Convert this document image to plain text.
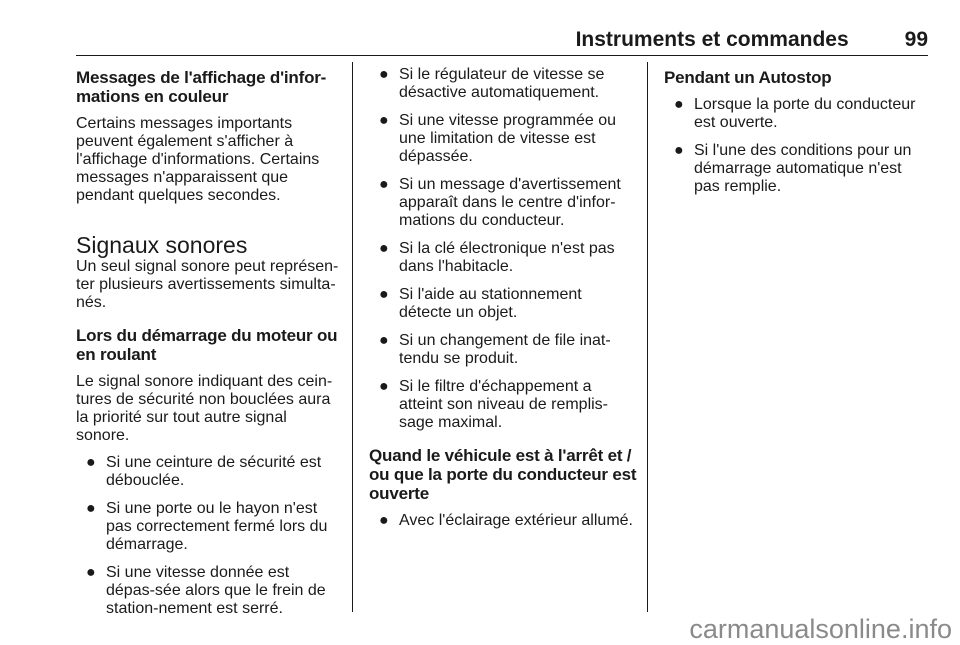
Instruments et commandes	99
Messages de l'affichage d'infor-mations en couleur

Certains messages importants peuvent également s'afficher à l'affichage d'informations. Certains messages n'apparaissent que pendant quelques secondes.

Signaux sonores

Un seul signal sonore peut représen-ter plusieurs avertissements simulta-nés.

Lors du démarrage du moteur ou en roulant

Le signal sonore indiquant des cein-tures de sécurité non bouclées aura la priorité sur tout autre signal sonore.

● Si une ceinture de sécurité est débouclée.
● Si une porte ou le hayon n'est pas correctement fermé lors du démarrage.
● Si une vitesse donnée est dépas-sée alors que le frein de station-nement est serré.
● Si le régulateur de vitesse se désactive automatiquement.
● Si une vitesse programmée ou une limitation de vitesse est dépassée.
● Si un message d'avertissement apparaît dans le centre d'infor-mations du conducteur.
● Si la clé électronique n'est pas dans l'habitacle.
● Si l'aide au stationnement détecte un objet.
● Si un changement de file inat-tendu se produit.
● Si le filtre d'échappement a atteint son niveau de remplis-sage maximal.
Quand le véhicule est à l'arrêt et / ou que la porte du conducteur est ouverte
● Avec l'éclairage extérieur allumé.
Pendant un Autostop
● Lorsque la porte du conducteur est ouverte.
● Si l'une des conditions pour un démarrage automatique n'est pas remplie.
carmanualsonline.info
